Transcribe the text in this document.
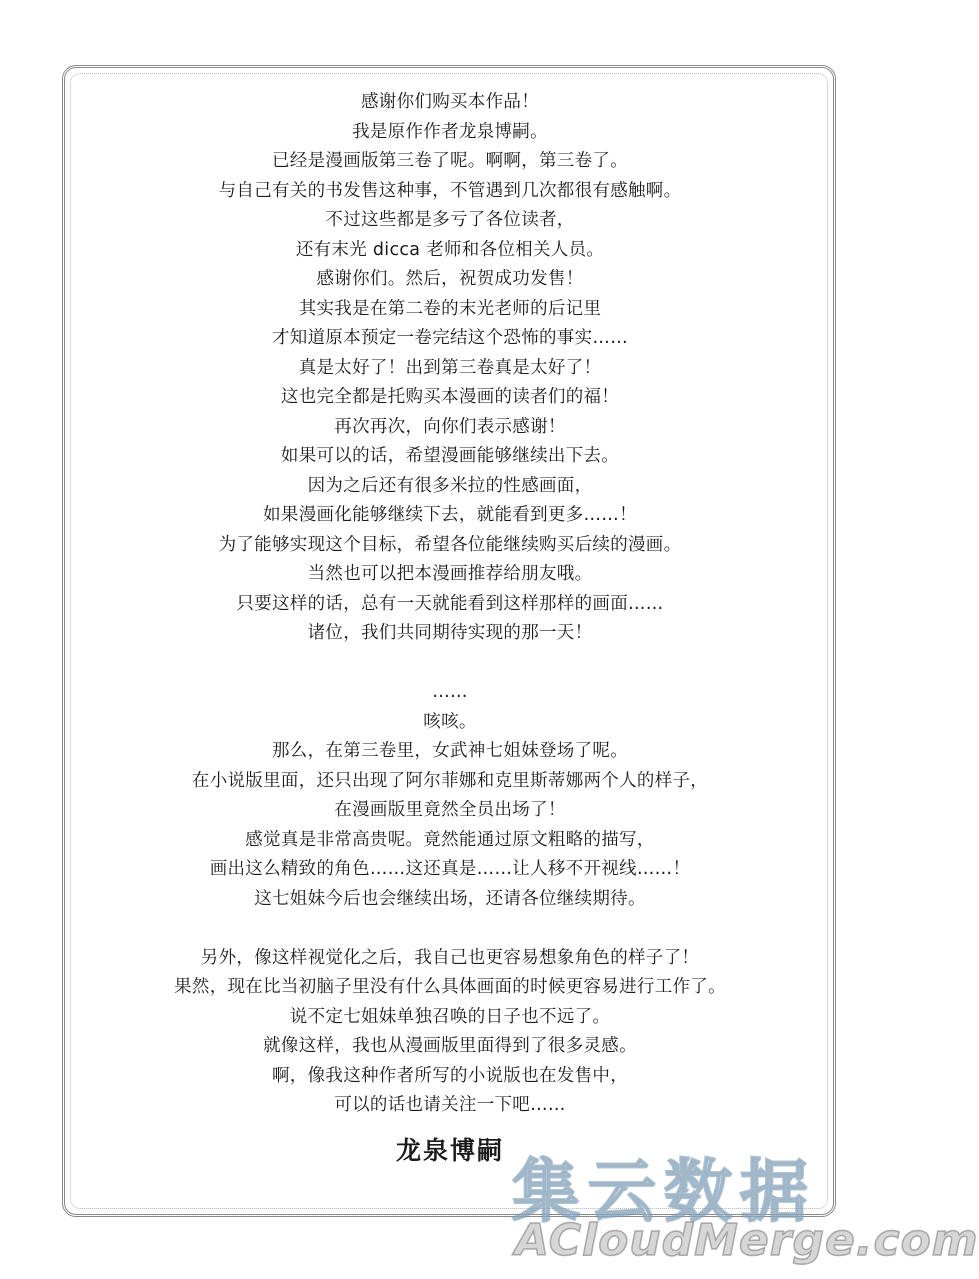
感谢你们购买本作品！
我是原作作者龙泉博嗣。
已经是漫画版第三卷了呢。啊啊，第三卷了。
与自己有关的书发售这种事，不管遇到几次都很有感触啊。
不过这些都是多亏了各位读者，
还有末光 dicca 老师和各位相关人员。
感谢你们。然后，祝贺成功发售！
其实我是在第二卷的末光老师的后记里
才知道原本预定一卷完结这个恐怖的事实……
真是太好了！出到第三卷真是太好了！
这也完全都是托购买本漫画的读者们的福！
再次再次，向你们表示感谢！
如果可以的话，希望漫画能够继续出下去。
因为之后还有很多米拉的性感画面，
如果漫画化能够继续下去，就能看到更多……！
为了能够实现这个目标，希望各位能继续购买后续的漫画。
当然也可以把本漫画推荐给朋友哦。
只要这样的话，总有一天就能看到这样那样的画面……
诸位，我们共同期待实现的那一天！
……
咳咳。
那么，在第三卷里，女武神七姐妹登场了呢。
在小说版里面，还只出现了阿尔菲娜和克里斯蒂娜两个人的样子，
在漫画版里竟然全员出场了！
感觉真是非常高贵呢。竟然能通过原文粗略的描写，
画出这么精致的角色……这还真是……让人移不开视线……！
这七姐妹今后也会继续出场，还请各位继续期待。
另外，像这样视觉化之后，我自己也更容易想象角色的样子了！
果然，现在比当初脑子里没有什么具体画面的时候更容易进行工作了。
说不定七姐妹单独召唤的日子也不远了。
就像这样，我也从漫画版里面得到了很多灵感。
啊，像我这种作者所写的小说版也在发售中，
可以的话也请关注一下吧……
龙泉博嗣
集云数据
ACloudMerge.com
